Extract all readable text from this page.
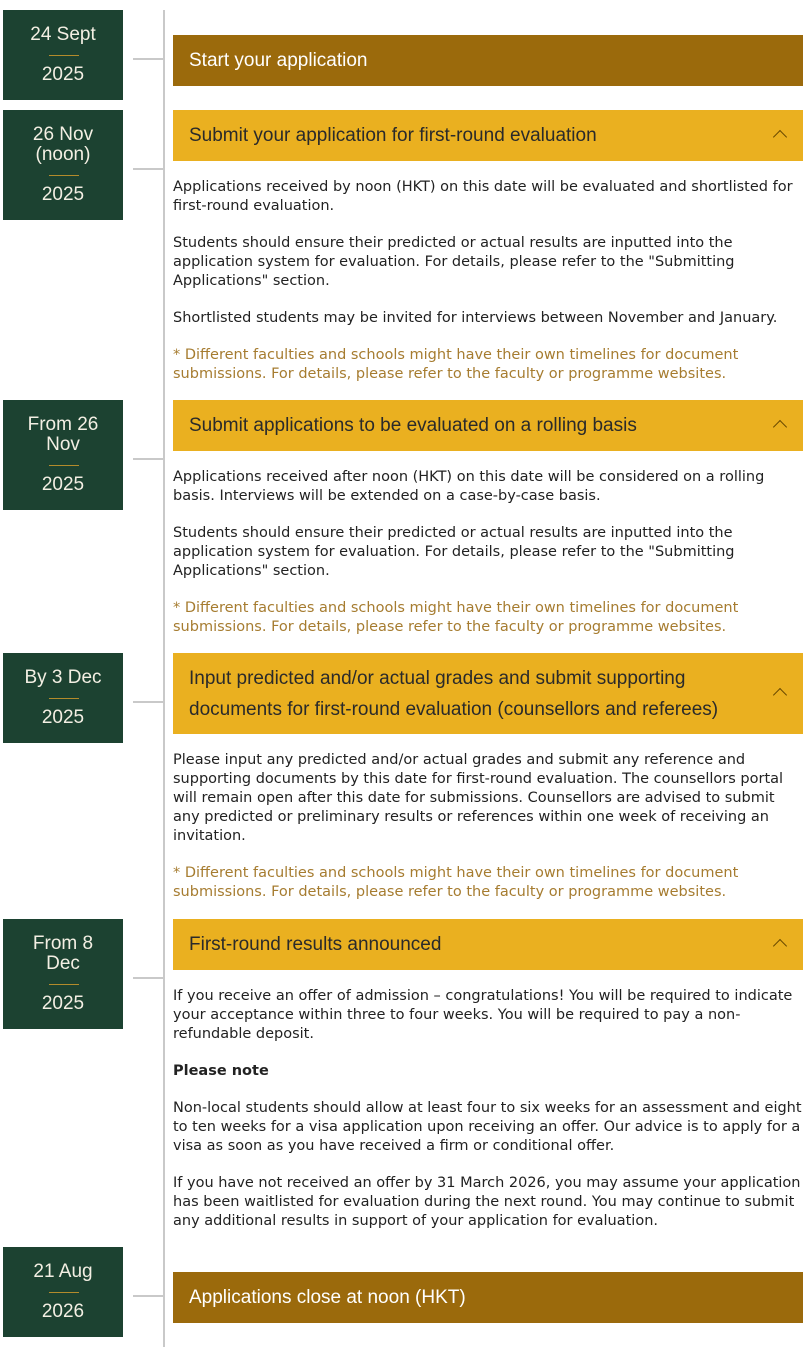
24 Sept
2025
Start your application
26 Nov (noon)
2025
Submit your application for first-round evaluation

Applications received by noon (HKT) on this date will be evaluated and shortlisted for first-round evaluation.

Students should ensure their predicted or actual results are inputted into the application system for evaluation. For details, please refer to the "Submitting Applications" section.

Shortlisted students may be invited for interviews between November and January.

* Different faculties and schools might have their own timelines for document submissions. For details, please refer to the faculty or programme websites.

From 26 Nov
2025
Submit applications to be evaluated on a rolling basis

Applications received after noon (HKT) on this date will be considered on a rolling basis. Interviews will be extended on a case-by-case basis.

Students should ensure their predicted or actual results are inputted into the application system for evaluation. For details, please refer to the "Submitting Applications" section.

* Different faculties and schools might have their own timelines for document submissions. For details, please refer to the faculty or programme websites.

By 3 Dec
2025
Input predicted and/or actual grades and submit supporting documents for first-round evaluation (counsellors and referees)

Please input any predicted and/or actual grades and submit any reference and supporting documents by this date for first-round evaluation. The counsellors portal will remain open after this date for submissions. Counsellors are advised to submit any predicted or preliminary results or references within one week of receiving an invitation.

* Different faculties and schools might have their own timelines for document submissions. For details, please refer to the faculty or programme websites.

From 8 Dec
2025
First-round results announced

If you receive an offer of admission – congratulations! You will be required to indicate your acceptance within three to four weeks. You will be required to pay a non-refundable deposit.

Please note

Non-local students should allow at least four to six weeks for an assessment and eight to ten weeks for a visa application upon receiving an offer. Our advice is to apply for a visa as soon as you have received a firm or conditional offer.

If you have not received an offer by 31 March 2026, you may assume your application has been waitlisted for evaluation during the next round. You may continue to submit any additional results in support of your application for evaluation.

21 Aug
2026
Applications close at noon (HKT)
